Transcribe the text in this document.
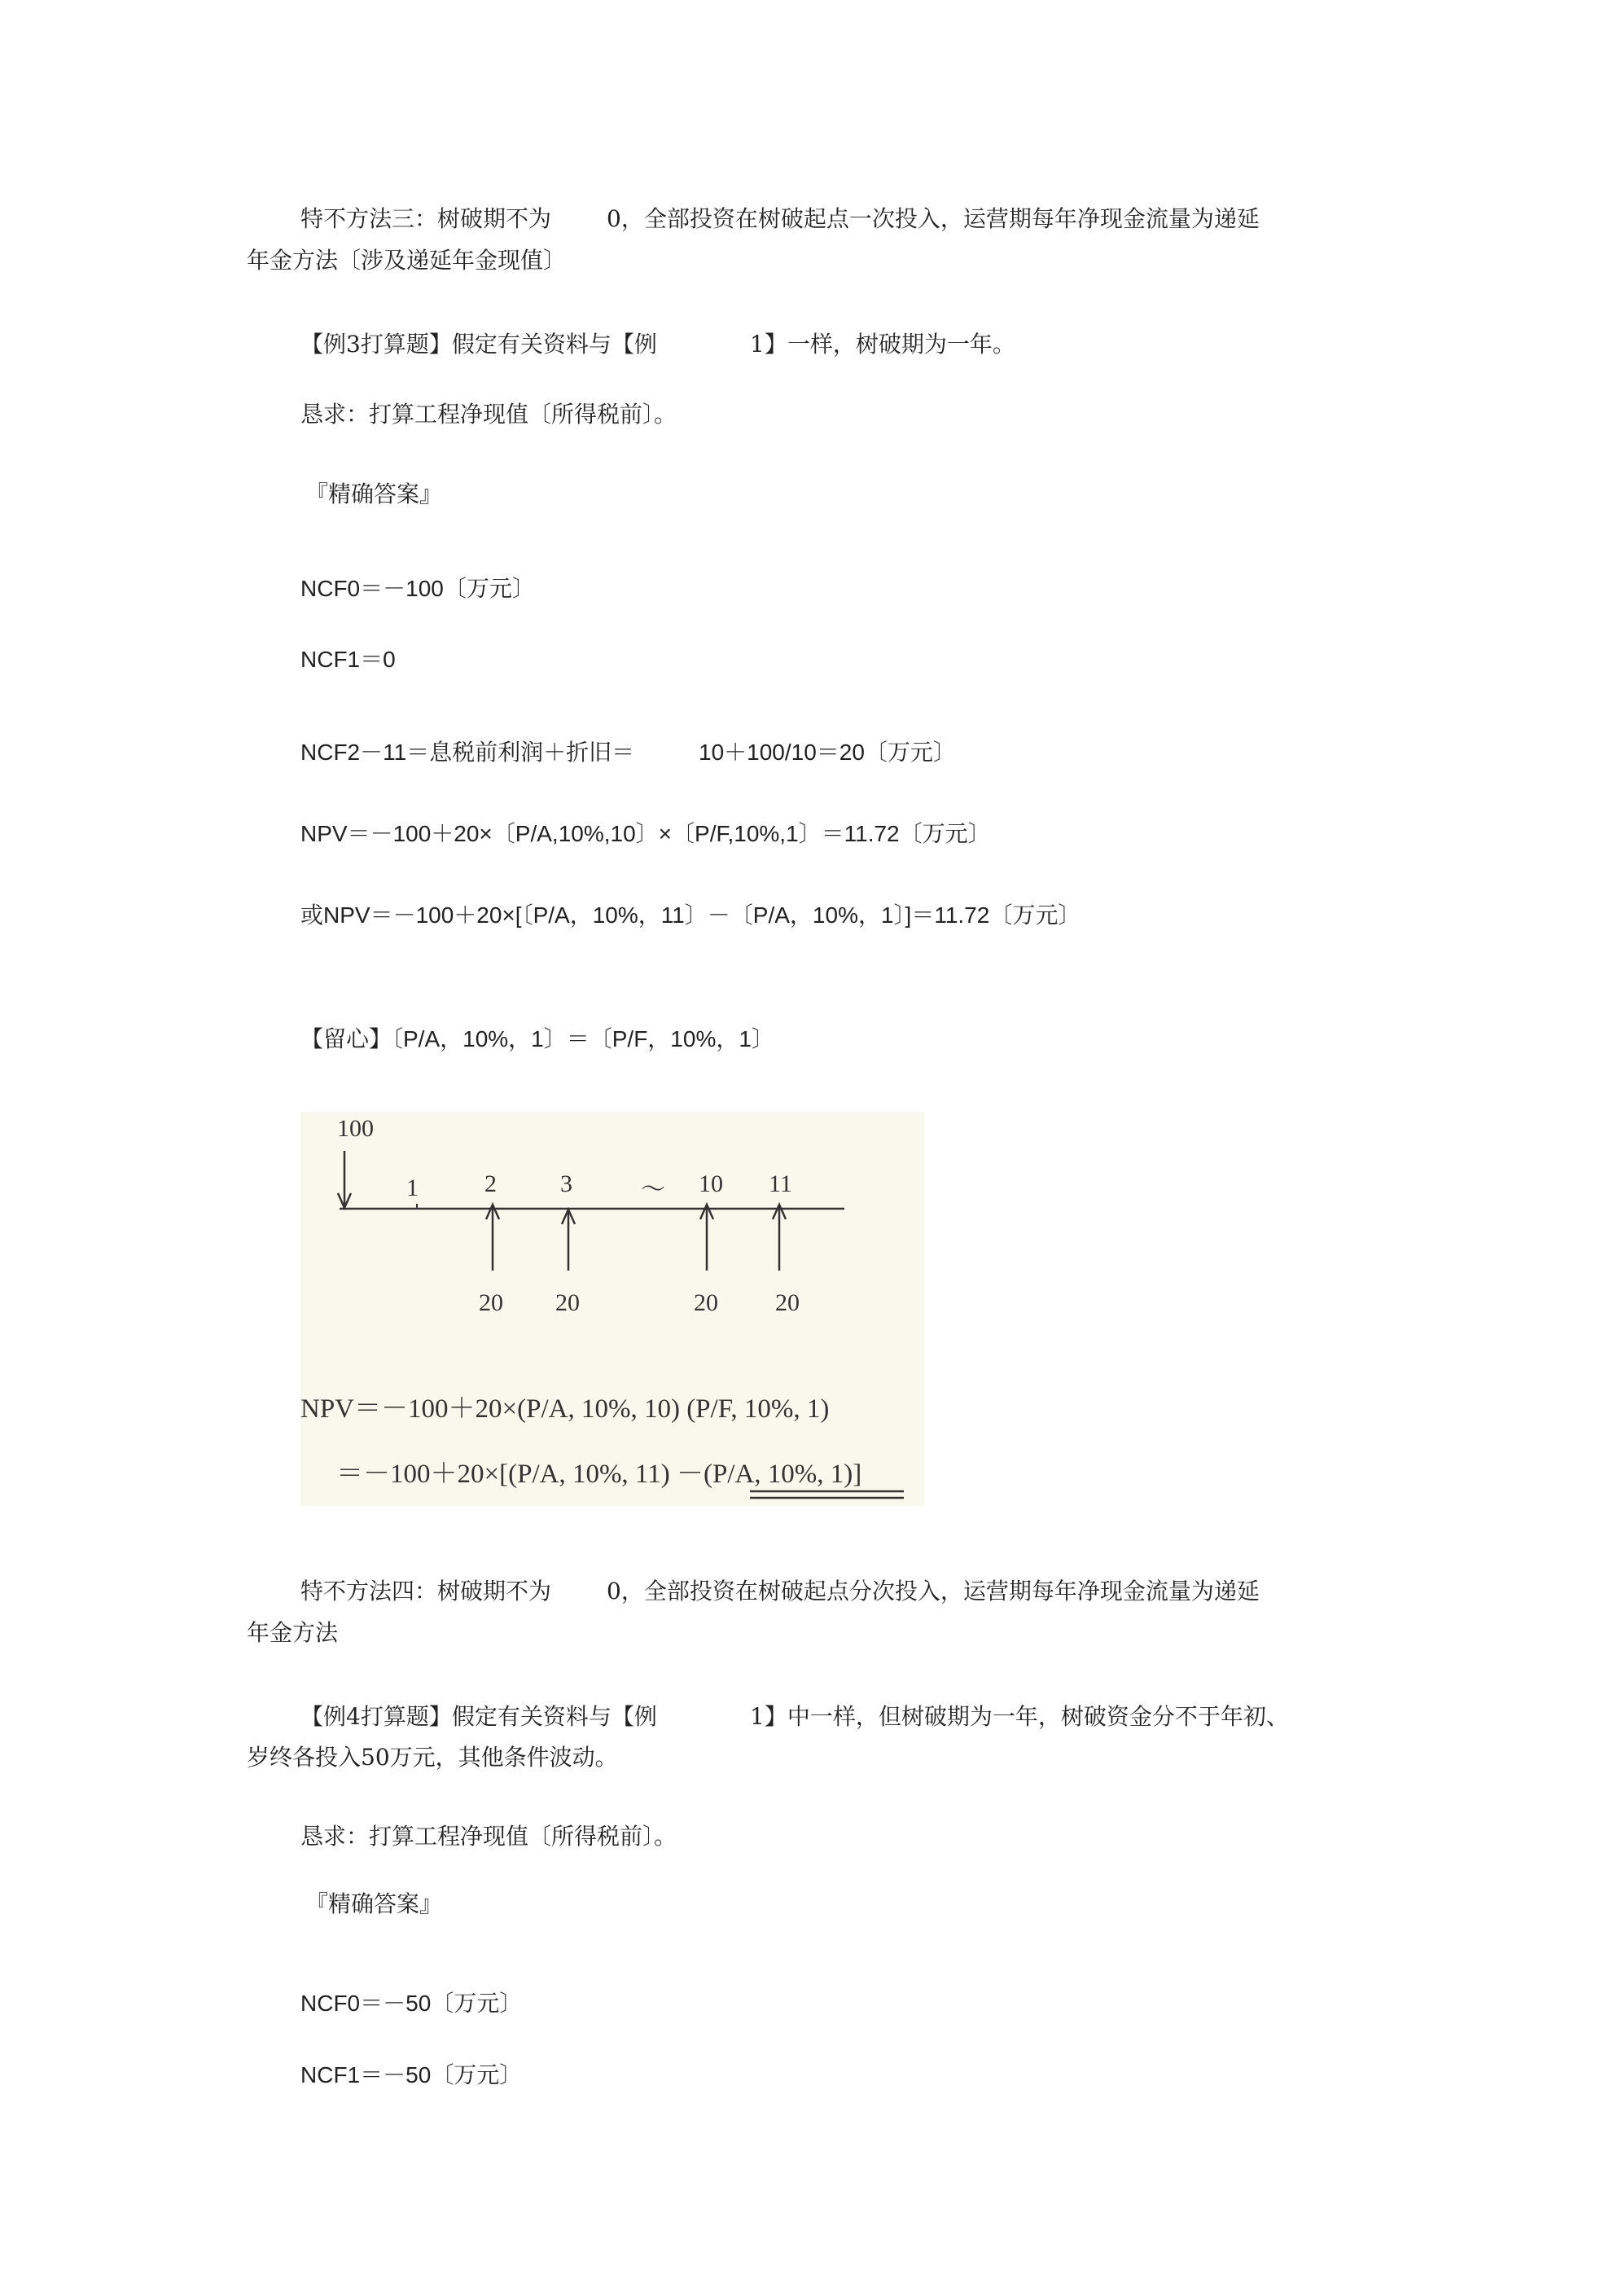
特不方法三：树破期不为 0，全部投资在树破起点一次投入，运营期每年净现金流量为递延

年金方法〔涉及递延年金现值〕

【例3打算题】假定有关资料与【例	1】一样，树破期为一年。

恳求：打算工程净现值〔所得税前〕。

『精确答案』

NCF0＝－100〔万元〕

NCF1＝0

NCF2－11＝息税前利润＋折旧＝	10＋100/10＝20〔万元〕

NPV＝－100＋20×〔P/A,10%,10〕×〔P/F,10%,1〕＝11.72〔万元〕

或NPV＝－100＋20×[〔P/A，10%，11〕－〔P/A，10%，1〕]＝11.72〔万元〕

【留心】〔P/A，10%，1〕＝〔P/F，10%，1〕

100
1	2	3	～ 10 11
20 20	20 20
NPV＝－100＋20×(P/A, 10%, 10) (P/F, 10%, 1)
＝－100＋20×[(P/A, 10%, 11) －(P/A, 10%, 1)]

特不方法四：树破期不为 0，全部投资在树破起点分次投入，运营期每年净现金流量为递延

年金方法

【例4打算题】假定有关资料与【例	1】中一样，但树破期为一年，树破资金分不于年初、

岁终各投入50万元，其他条件波动。

恳求：打算工程净现值〔所得税前〕。

『精确答案』

NCF0＝－50〔万元〕

NCF1＝－50〔万元〕
